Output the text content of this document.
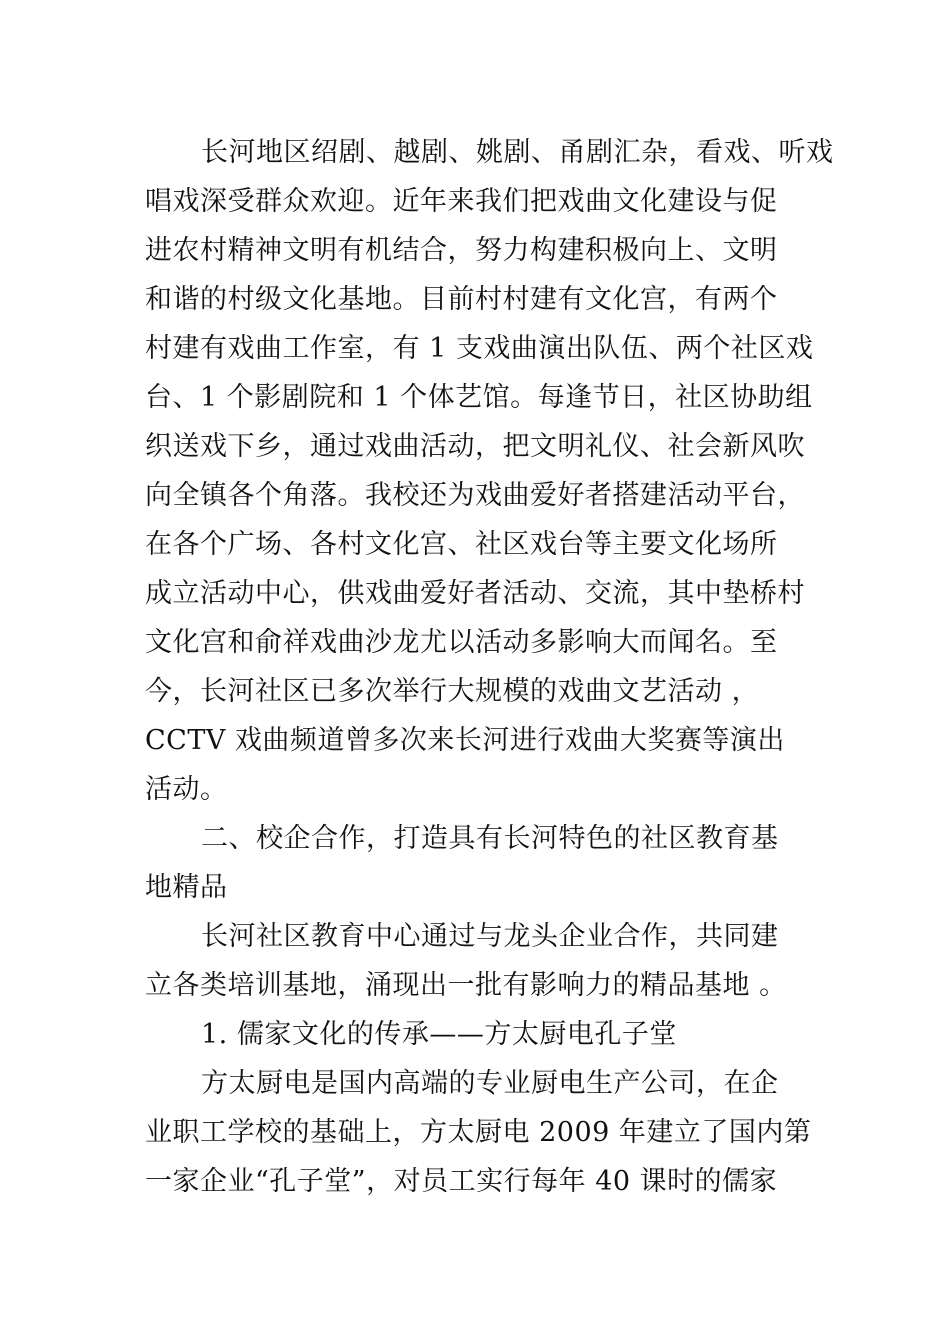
长河地区绍剧、越剧、姚剧、甬剧汇杂，看戏、听戏
唱戏深受群众欢迎。近年来我们把戏曲文化建设与促
进农村精神文明有机结合，努力构建积极向上、文明
和谐的村级文化基地。目前村村建有文化宫，有两个
村建有戏曲工作室，有 1 支戏曲演出队伍、两个社区戏
台、1 个影剧院和 1 个体艺馆。每逢节日，社区协助组
织送戏下乡，通过戏曲活动，把文明礼仪、社会新风吹
向全镇各个角落。我校还为戏曲爱好者搭建活动平台，
在各个广场、各村文化宫、社区戏台等主要文化场所
成立活动中心，供戏曲爱好者活动、交流，其中垫桥村
文化宫和俞祥戏曲沙龙尤以活动多影响大而闻名。至
今，长河社区已多次举行大规模的戏曲文艺活动 ，
CCTV 戏曲频道曾多次来长河进行戏曲大奖赛等演出
活动。
二、校企合作，打造具有长河特色的社区教育基
地精品
长河社区教育中心通过与龙头企业合作，共同建
立各类培训基地，涌现出一批有影响力的精品基地 。
1. 儒家文化的传承——方太厨电孔子堂
方太厨电是国内高端的专业厨电生产公司，在企
业职工学校的基础上，方太厨电 2009 年建立了国内第
一家企业“孔子堂”，对员工实行每年 40 课时的儒家
